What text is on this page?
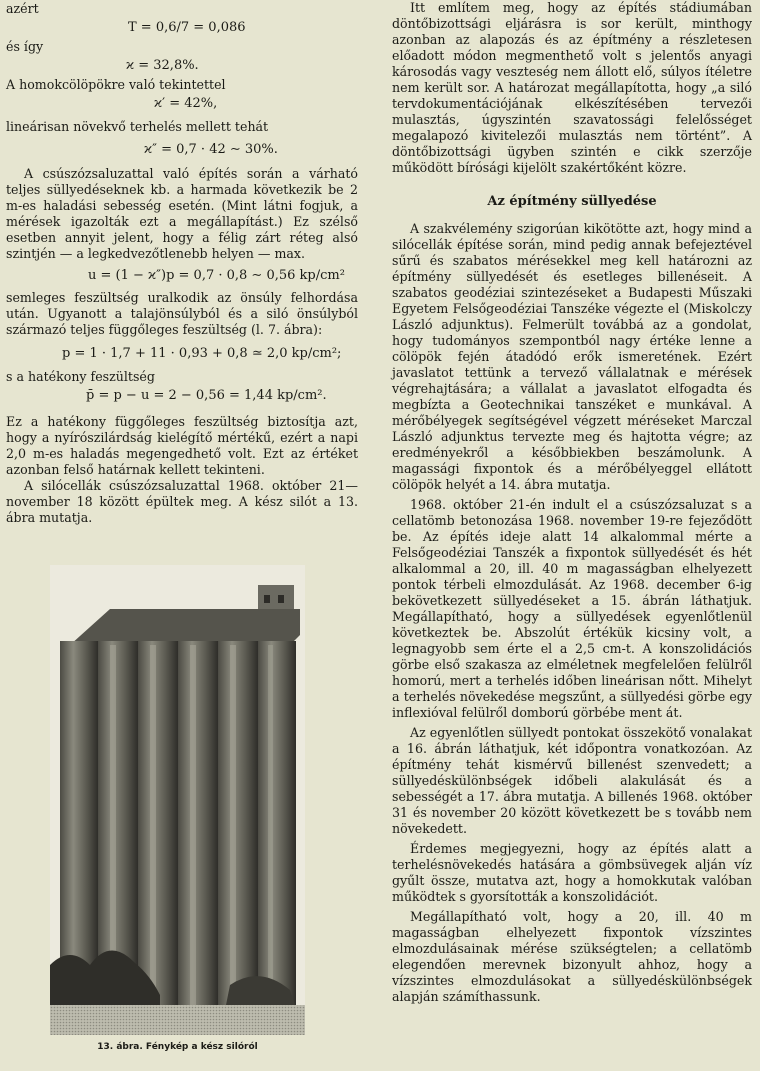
azért

T = 0,6/7 = 0,086

és így

ϰ = 32,8%.

A homokcölöpökre való tekintettel

ϰ′ = 42%,

lineárisan növekvő terhelés mellett tehát

ϰ″ = 0,7 · 42 ∼ 30%.

A csúszózsaluzattal való építés során a várható teljes süllyedéseknek kb. a harmada következik be 2 m-es haladási sebesség esetén. (Mint látni fogjuk, a mérések igazolták ezt a megállapítást.) Ez szélső esetben annyit jelent, hogy a félig zárt réteg alsó szintjén — a legkedvezőtlenebb helyen — max.

u = (1 − ϰ″)p = 0,7 · 0,8 ∼ 0,56 kp/cm²

semleges feszültség uralkodik az önsúly felhordása után. Ugyanott a talajönsúlyból és a siló önsúlyból származó teljes függőleges feszültség (l. 7. ábra):

p = 1 · 1,7 + 11 · 0,93 + 0,8 ≃ 2,0 kp/cm²;

s a hatékony feszültség

p̄ = p − u = 2 − 0,56 = 1,44 kp/cm².

Ez a hatékony függőleges feszültség biztosítja azt, hogy a nyírószilárdság kielégítő mértékű, ezért a napi 2,0 m-es haladás megengedhető volt. Ezt az értéket azonban felső határnak kellett tekinteni.

A silócellák csúszózsaluzattal 1968. október 21—november 18 között épültek meg. A kész silót a 13. ábra mutatja.

13. ábra. Fénykép a kész silóról

Itt említem meg, hogy az építés stádiumában döntőbizottsági eljárásra is sor került, minthogy azonban az alapozás és az építmény a részletesen előadott módon megmenthető volt s jelentős anyagi károsodás vagy veszteség nem állott elő, súlyos ítéletre nem került sor. A határozat megállapította, hogy „a siló tervdokumentációjának elkészítésében tervezői mulasztás, úgyszintén szavatossági felelősséget megalapozó kivitelezői mulasztás nem történt”. A döntőbizottsági ügyben szintén e cikk szerzője működött bírósági kijelölt szakértőként közre.

Az építmény süllyedése

A szakvélemény szigorúan kikötötte azt, hogy mind a silócellák építése során, mind pedig annak befejeztével sűrű és szabatos mérésekkel meg kell határozni az építmény süllyedését és esetleges billenéseit. A szabatos geodéziai szintezéseket a Budapesti Műszaki Egyetem Felsőgeodéziai Tanszéke végezte el (Miskolczy László adjunktus). Felmerült továbbá az a gondolat, hogy tudományos szempontból nagy értéke lenne a cölöpök fején átadódó erők ismeretének. Ezért javaslatot tettünk a tervező vállalatnak e mérések végrehajtására; a vállalat a javaslatot elfogadta és megbízta a Geotechnikai tanszéket e munkával. A mérőbélyegek segítségével végzett méréseket Marczal László adjunktus tervezte meg és hajtotta végre; az eredményekről a későbbiekben beszámolunk. A magassági fixpontok és a mérőbélyeggel ellátott cölöpök helyét a 14. ábra mutatja.

1968. október 21-én indult el a csúszózsaluzat s a cellatömb betonozása 1968. november 19-re fejeződött be. Az építés ideje alatt 14 alkalommal mérte a Felsőgeodéziai Tanszék a fixpontok süllyedését és hét alkalommal a 20, ill. 40 m magasságban elhelyezett pontok térbeli elmozdulását. Az 1968. december 6-ig bekövetkezett süllyedéseket a 15. ábrán láthatjuk. Megállapítható, hogy a süllyedések egyenlőtlenül következtek be. Abszolút értékük kicsiny volt, a legnagyobb sem érte el a 2,5 cm-t. A konszolidációs görbe első szakasza az elméletnek megfelelően felülről homorú, mert a terhelés időben lineárisan nőtt. Mihelyt a terhelés növekedése megszűnt, a süllyedési görbe egy inflexióval felülről domború görbébe ment át.

Az egyenlőtlen süllyedt pontokat összekötő vonalakat a 16. ábrán láthatjuk, két időpontra vonatkozóan. Az építmény tehát kismérvű billenést szenvedett; a süllyedéskülönbségek időbeli alakulását és a sebességét a 17. ábra mutatja. A billenés 1968. október 31 és november 20 között következett be s tovább nem növekedett.

Érdemes megjegyezni, hogy az építés alatt a terhelésnövekedés hatására a gömbsüvegek alján víz gyűlt össze, mutatva azt, hogy a homokkutak valóban működtek s gyorsították a konszolidációt.

Megállapítható volt, hogy a 20, ill. 40 m magasságban elhelyezett fixpontok vízszintes elmozdulásainak mérése szükségtelen; a cellatömb elegendően merevnek bizonyult ahhoz, hogy a vízszintes elmozdulásokat a süllyedéskülönbségek alapján számíthassunk.
